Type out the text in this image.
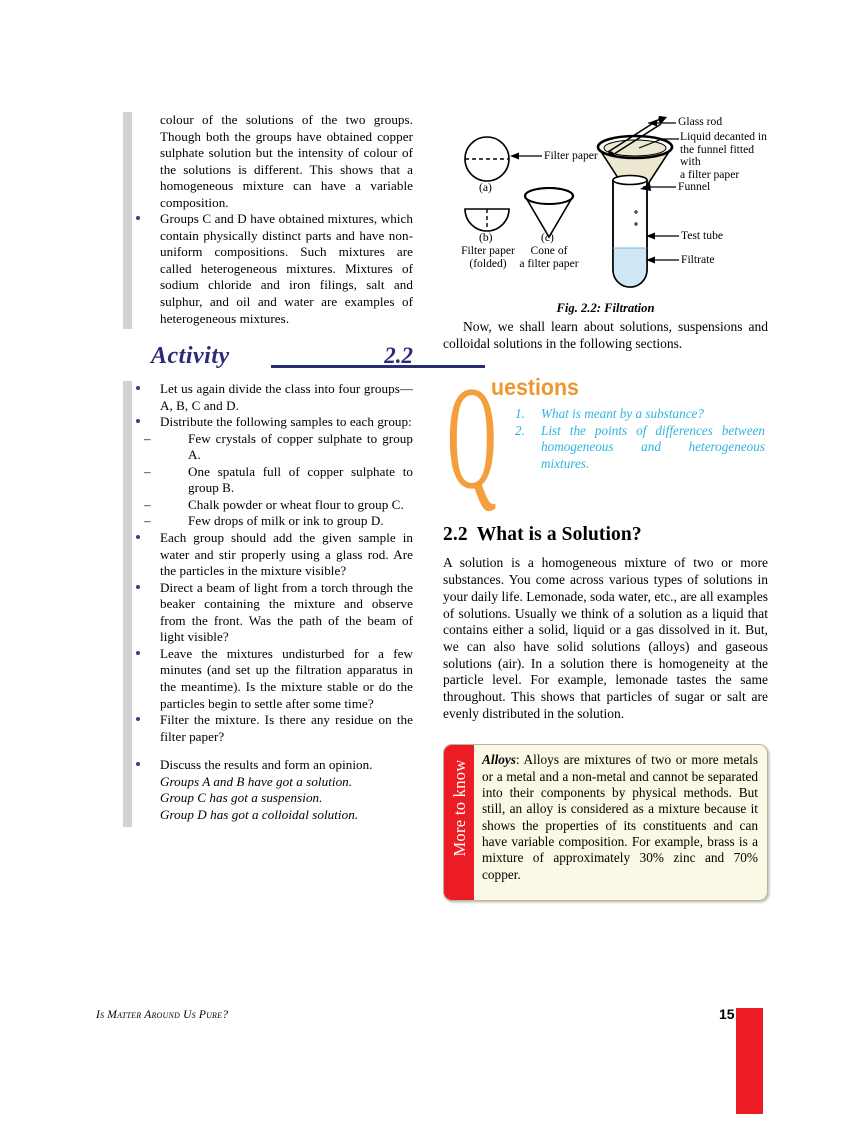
colour of the solutions of the two groups. Though both the groups have obtained copper sulphate solution but the intensity of colour of the solutions is different. This shows that a homogeneous mixture can have a variable composition.

Groups C and D have obtained mixtures, which contain physically distinct parts and have non-uniform compositions. Such mixtures are called heterogeneous mixtures. Mixtures of sodium chloride and iron filings, salt and sulphur, and oil and water are examples of heterogeneous mixtures.

Activity	2.2

Let us again divide the class into four groups— A, B, C and D.

Distribute the following samples to each group:

–	Few crystals of copper sulphate to group A.

–	One spatula full of copper sulphate to group B.

–	Chalk powder or wheat flour to group C.

–	Few drops of milk or ink to group D.

Each group should add the given sample in water and stir properly using a glass rod. Are the particles in the mixture visible?

Direct a beam of light from a torch through the beaker containing the mixture and observe from the front. Was the path of the beam of light visible?

Leave the mixtures undisturbed for a few minutes (and set up the filtration apparatus in the meantime). Is the mixture stable or do the particles begin to settle after some time?

Filter the mixture. Is there any residue on the filter paper?

Discuss the results and form an opinion.

Groups A and B have got a solution.

Group C has got a suspension.

Group D has got a colloidal solution.

Filter paper
(a)
(b)	(c)
Filter paper
(folded)
Cone of
a filter paper
Glass rod
Liquid decanted in
the funnel fitted with
a filter paper
Funnel
Test tube
Filtrate
Fig. 2.2: Filtration

Now, we shall learn about solutions, suspensions and colloidal solutions in the following sections.

Q
uestions
1. What is meant by a substance?
2. List the points of differences between homogeneous and heterogeneous mixtures.
2.2 What is a Solution?

A solution is a homogeneous mixture of two or more substances. You come across various types of solutions in your daily life. Lemonade, soda water, etc., are all examples of solutions. Usually we think of a solution as a liquid that contains either a solid, liquid or a gas dissolved in it. But, we can also have solid solutions (alloys) and gaseous solutions (air). In a solution there is homogeneity at the particle level. For example, lemonade tastes the same throughout. This shows that particles of sugar or salt are evenly distributed in the solution.

More to know Alloys: Alloys are mixtures of two or more metals or a metal and a non-metal and cannot be separated into their components by physical methods. But still, an alloy is considered as a mixture because it shows the properties of its constituents and can have variable composition. For example, brass is a mixture of approximately 30% zinc and 70% copper.
Is Matter Around Us Pure?	15
